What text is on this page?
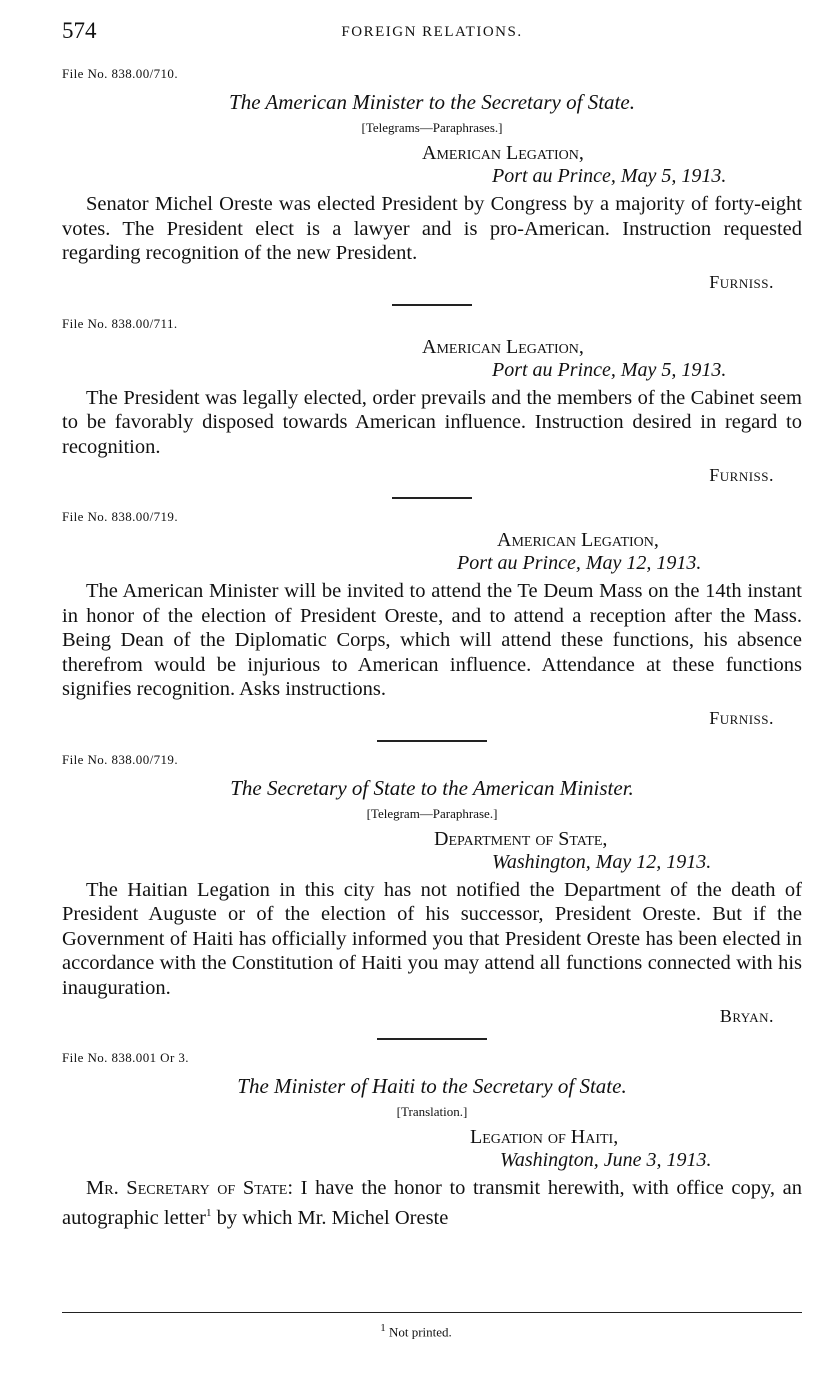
574	FOREIGN RELATIONS.

File No. 838.00/710.

The American Minister to the Secretary of State.

[Telegrams—Paraphrases.]

American Legation,
Port au Prince, May 5, 1913.

Senator Michel Oreste was elected President by Congress by a majority of forty-eight votes. The President elect is a lawyer and is pro-American. Instruction requested regarding recognition of the new President.

Furniss.

File No. 838.00/711.

American Legation,
Port au Prince, May 5, 1913.

The President was legally elected, order prevails and the members of the Cabinet seem to be favorably disposed towards American influence. Instruction desired in regard to recognition.

Furniss.

File No. 838.00/719.

American Legation,
Port au Prince, May 12, 1913.

The American Minister will be invited to attend the Te Deum Mass on the 14th instant in honor of the election of President Oreste, and to attend a reception after the Mass. Being Dean of the Diplomatic Corps, which will attend these functions, his absence therefrom would be injurious to American influence. Attendance at these functions signifies recognition. Asks instructions.

Furniss.

File No. 838.00/719.

The Secretary of State to the American Minister.

[Telegram—Paraphrase.]

Department of State,
Washington, May 12, 1913.

The Haitian Legation in this city has not notified the Department of the death of President Auguste or of the election of his successor, President Oreste. But if the Government of Haiti has officially informed you that President Oreste has been elected in accordance with the Constitution of Haiti you may attend all functions connected with his inauguration.

Bryan.

File No. 838.001 Or 3.

The Minister of Haiti to the Secretary of State.

[Translation.]

Legation of Haiti,
Washington, June 3, 1913.

Mr. Secretary of State: I have the honor to transmit herewith, with office copy, an autographic letter$^1$ by which Mr. Michel Oreste

$^1$ Not printed.
